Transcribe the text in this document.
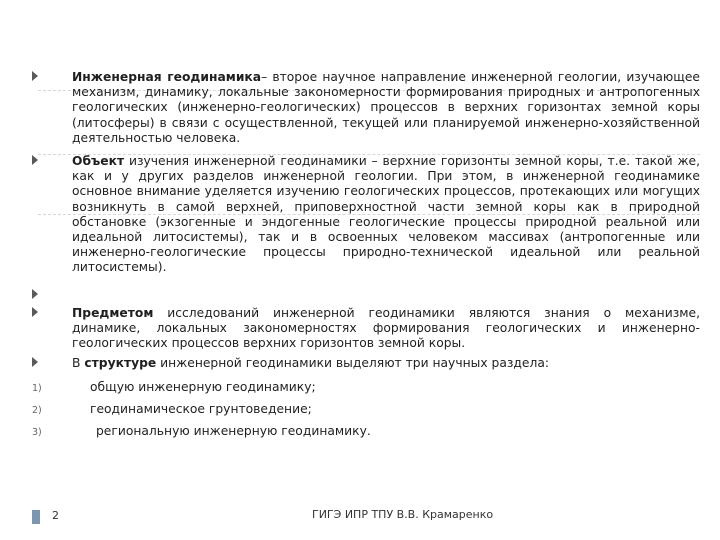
Инженерная геодинамика– второе научное направление инженерной геологии, изучающее механизм, динамику, локальные закономерности формирования природных и антропогенных геологических (инженерно-геологических) процессов в верхних горизонтах земной коры (литосферы) в связи с осуществленной, текущей или планируемой инженерно-хозяйственной деятельностью человека.
Объект изучения инженерной геодинамики – верхние горизонты земной коры, т.е. такой же, как и у других разделов инженерной геологии. При этом, в инженерной геодинамике основное внимание уделяется изучению геологических процессов, протекающих или могущих возникнуть в самой верхней, приповерхностной части земной коры как в природной обстановке (экзогенные и эндогенные геологические процессы природной реальной или идеальной литосистемы), так и в освоенных человеком массивах (антропогенные или инженерно-геологические процессы природно-технической идеальной или реальной литосистемы).
Предметом исследований инженерной геодинамики являются знания о механизме, динамике, локальных закономерностях формирования геологических и инженерно-геологических процессов верхних горизонтов земной коры.
В структуре инженерной геодинамики выделяют три научных раздела:
1)	общую инженерную геодинамику;
2)	геодинамическое грунтоведение;
3)	региональную инженерную геодинамику.
2	ГИГЭ ИПР ТПУ В.В. Крамаренко
